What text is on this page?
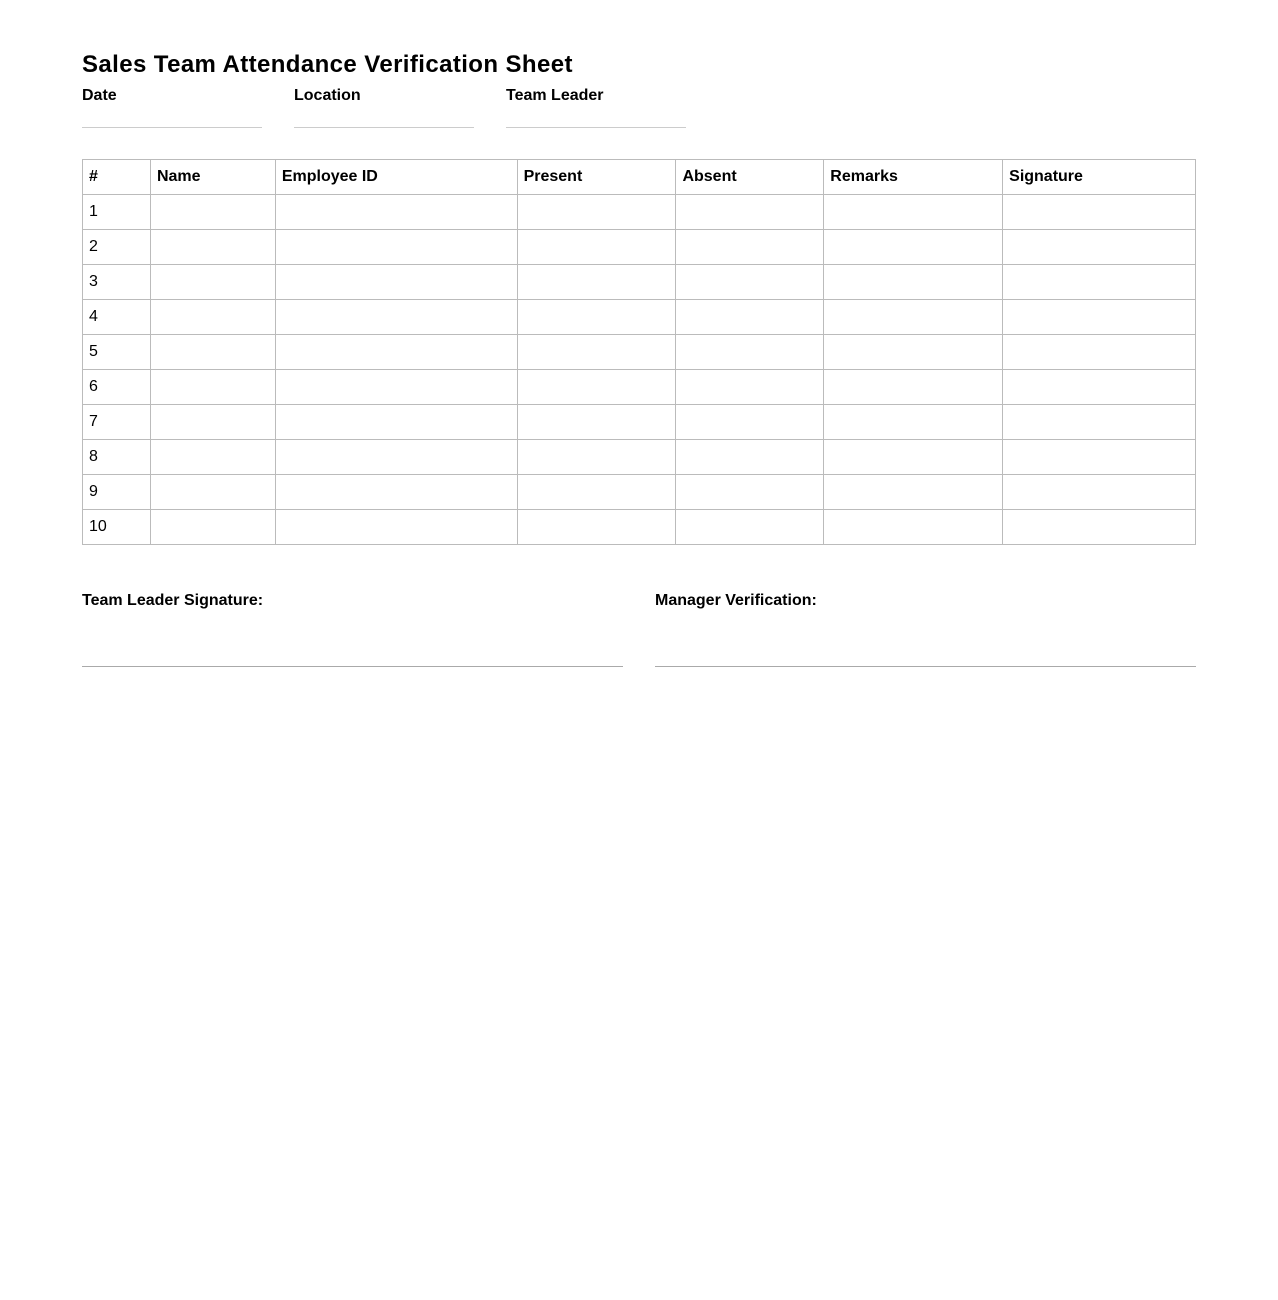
Sales Team Attendance Verification Sheet
Date	Location	Team Leader
#	Name	Employee ID	Present	Absent	Remarks	Signature
1						
2						
3						
4						
5						
6						
7						
8						
9						
10						
Team Leader Signature:	Manager Verification:
